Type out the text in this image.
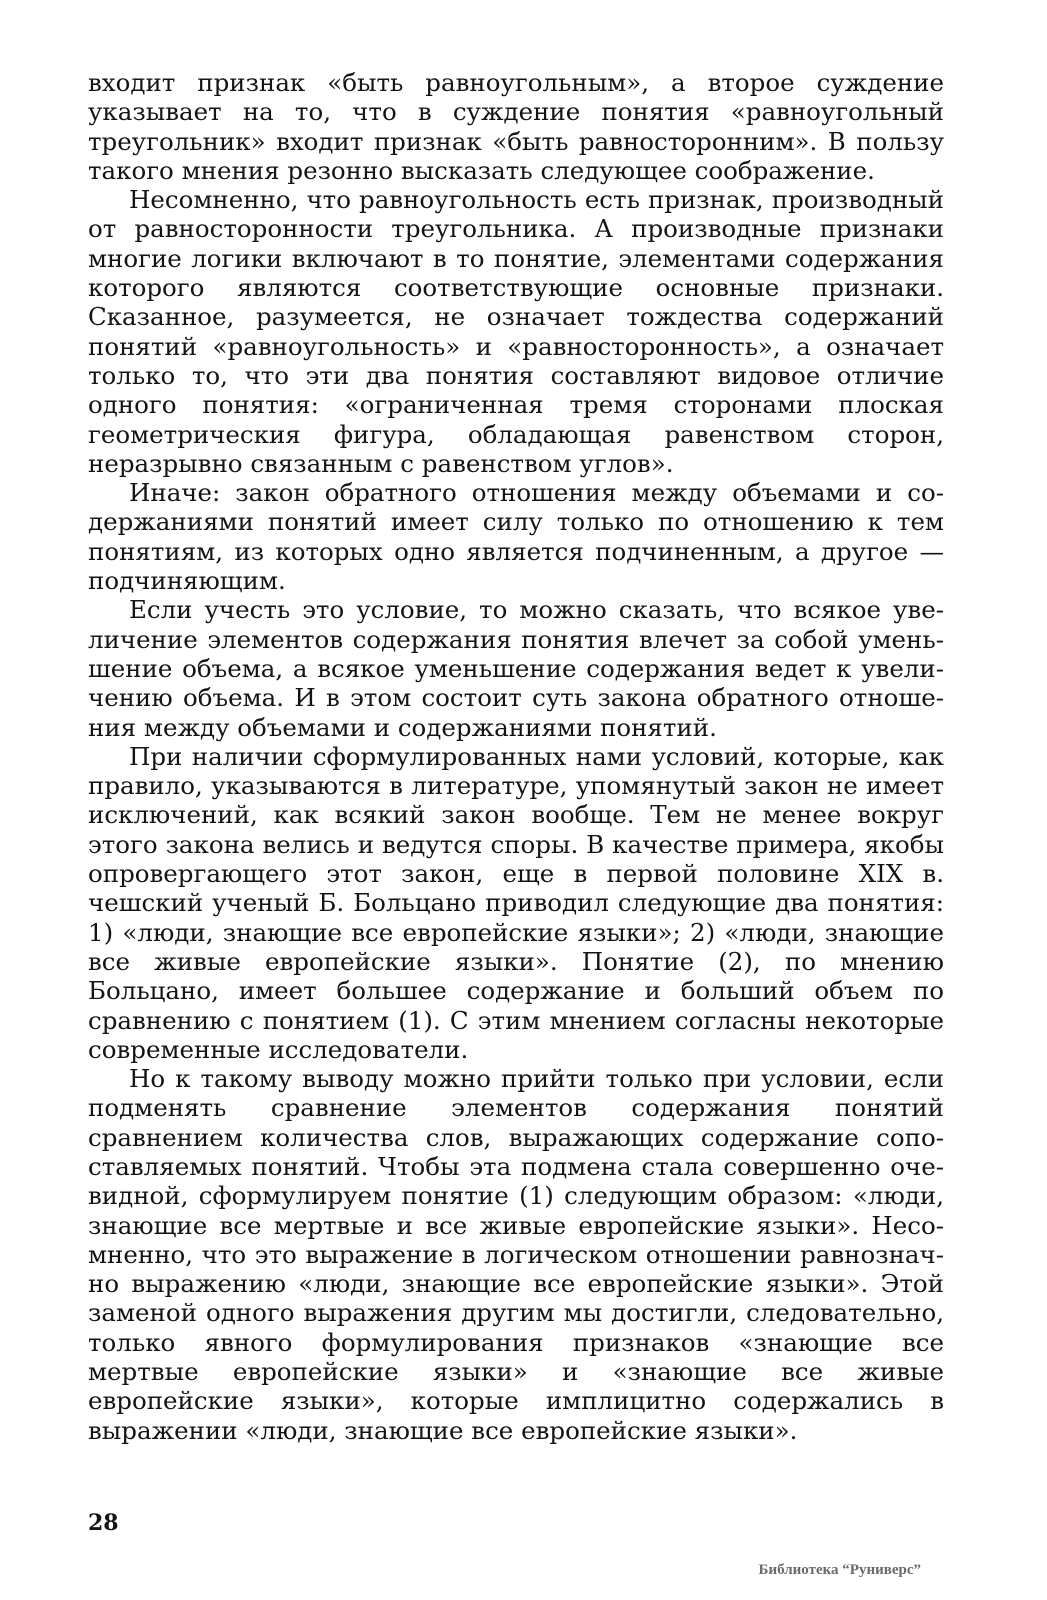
входит признак «быть равноугольным», а второе суждение указывает на то, что в суждение понятия «равноугольный треугольник» входит признак «быть равносторонним». В пользу такого мнения резонно высказать следующее соображение.

Несомненно, что равноугольность есть признак, производный от равносторонности треугольника. А производные признаки многие логики включают в то понятие, элементами содержания которого являются соответствующие основные признаки. Сказанное, разумеется, не означает тождества содержаний понятий «равноугольность» и «равносторонность», а означает только то, что эти два понятия составляют видовое отличие одного понятия: «ограниченная тремя сторонами плоская геометрическия фигура, обладающая равенством сторон, неразрывно связанным с равенством углов».

Иначе: закон обратного отношения между объемами и содержаниями понятий имеет силу только по отношению к тем понятиям, из которых одно является подчиненным, а другое — подчиняющим.

Если учесть это условие, то можно сказать, что всякое увеличение элементов содержания понятия влечет за собой уменьшение объема, а всякое уменьшение содержания ведет к увеличению объема. И в этом состоит суть закона обратного отношения между объемами и содержаниями понятий.

При наличии сформулированных нами условий, которые, как правило, указываются в литературе, упомянутый закон не имеет исключений, как всякий закон вообще. Тем не менее вокруг этого закона велись и ведутся споры. В качестве примера, якобы опровергающего этот закон, еще в первой половине XIX в. чешский ученый Б. Больцано приводил следующие два понятия: 1) «люди, знающие все европейские языки»; 2) «люди, знающие все живые европейские языки». Понятие (2), по мнению Больцано, имеет большее содержание и больший объем по сравнению с понятием (1). С этим мнением согласны некоторые современные исследователи.

Но к такому выводу можно прийти только при условии, если подменять сравнение элементов содержания понятий сравнением количества слов, выражающих содержание сопоставляемых понятий. Чтобы эта подмена стала совершенно очевидной, сформулируем понятие (1) следующим образом: «люди, знающие все мертвые и все живые европейские языки». Несомненно, что это выражение в логическом отношении равнозначно выражению «люди, знающие все европейские языки». Этой заменой одного выражения другим мы достигли, следовательно, только явного формулирования признаков «знающие все мертвые европейские языки» и «знающие все живые европейские языки», которые имплицитно содержались в выражении «люди, знающие все европейские языки».

28
Библиотека “Руниверс”
